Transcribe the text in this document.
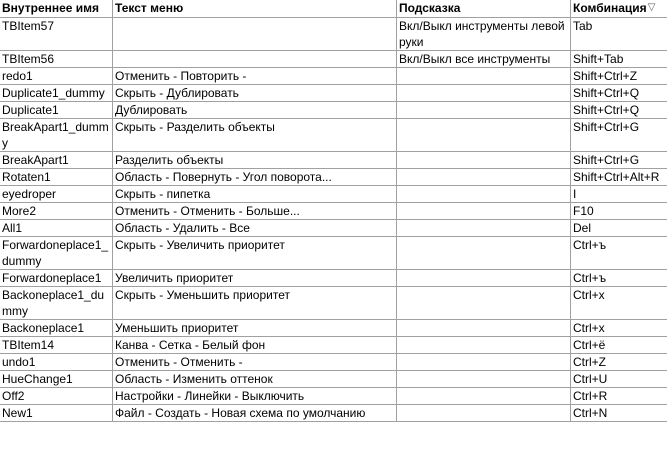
Внутреннее имя	Текст меню	Подсказка	Комбинация▽
TBItem57		Вкл/Выкл инструменты левой руки	Tab
TBItem56		Вкл/Выкл все инструменты	Shift+Tab
redo1	Отменить - Повторить -		Shift+Ctrl+Z
Duplicate1_dummy	Скрыть - Дублировать		Shift+Ctrl+Q
Duplicate1	Дублировать		Shift+Ctrl+Q
BreakApart1_dummy	Скрыть - Разделить объекты		Shift+Ctrl+G
BreakApart1	Разделить объекты		Shift+Ctrl+G
Rotaten1	Область - Повернуть - Угол поворота...		Shift+Ctrl+Alt+R
eyedroper	Скрыть - пипетка		I
More2	Отменить - Отменить - Больше...		F10
All1	Область - Удалить - Все		Del
Forwardoneplace1_dummy	Скрыть - Увеличить приоритет		Ctrl+ъ
Forwardoneplace1	Увеличить приоритет		Ctrl+ъ
Backoneplace1_dummy	Скрыть - Уменьшить приоритет		Ctrl+x
Backoneplace1	Уменьшить приоритет		Ctrl+x
TBItem14	Канва - Сетка - Белый фон		Ctrl+ё
undo1	Отменить - Отменить -		Ctrl+Z
HueChange1	Область - Изменить оттенок		Ctrl+U
Off2	Настройки - Линейки - Выключить		Ctrl+R
New1	Файл - Создать - Новая схема по умолчанию		Ctrl+N
